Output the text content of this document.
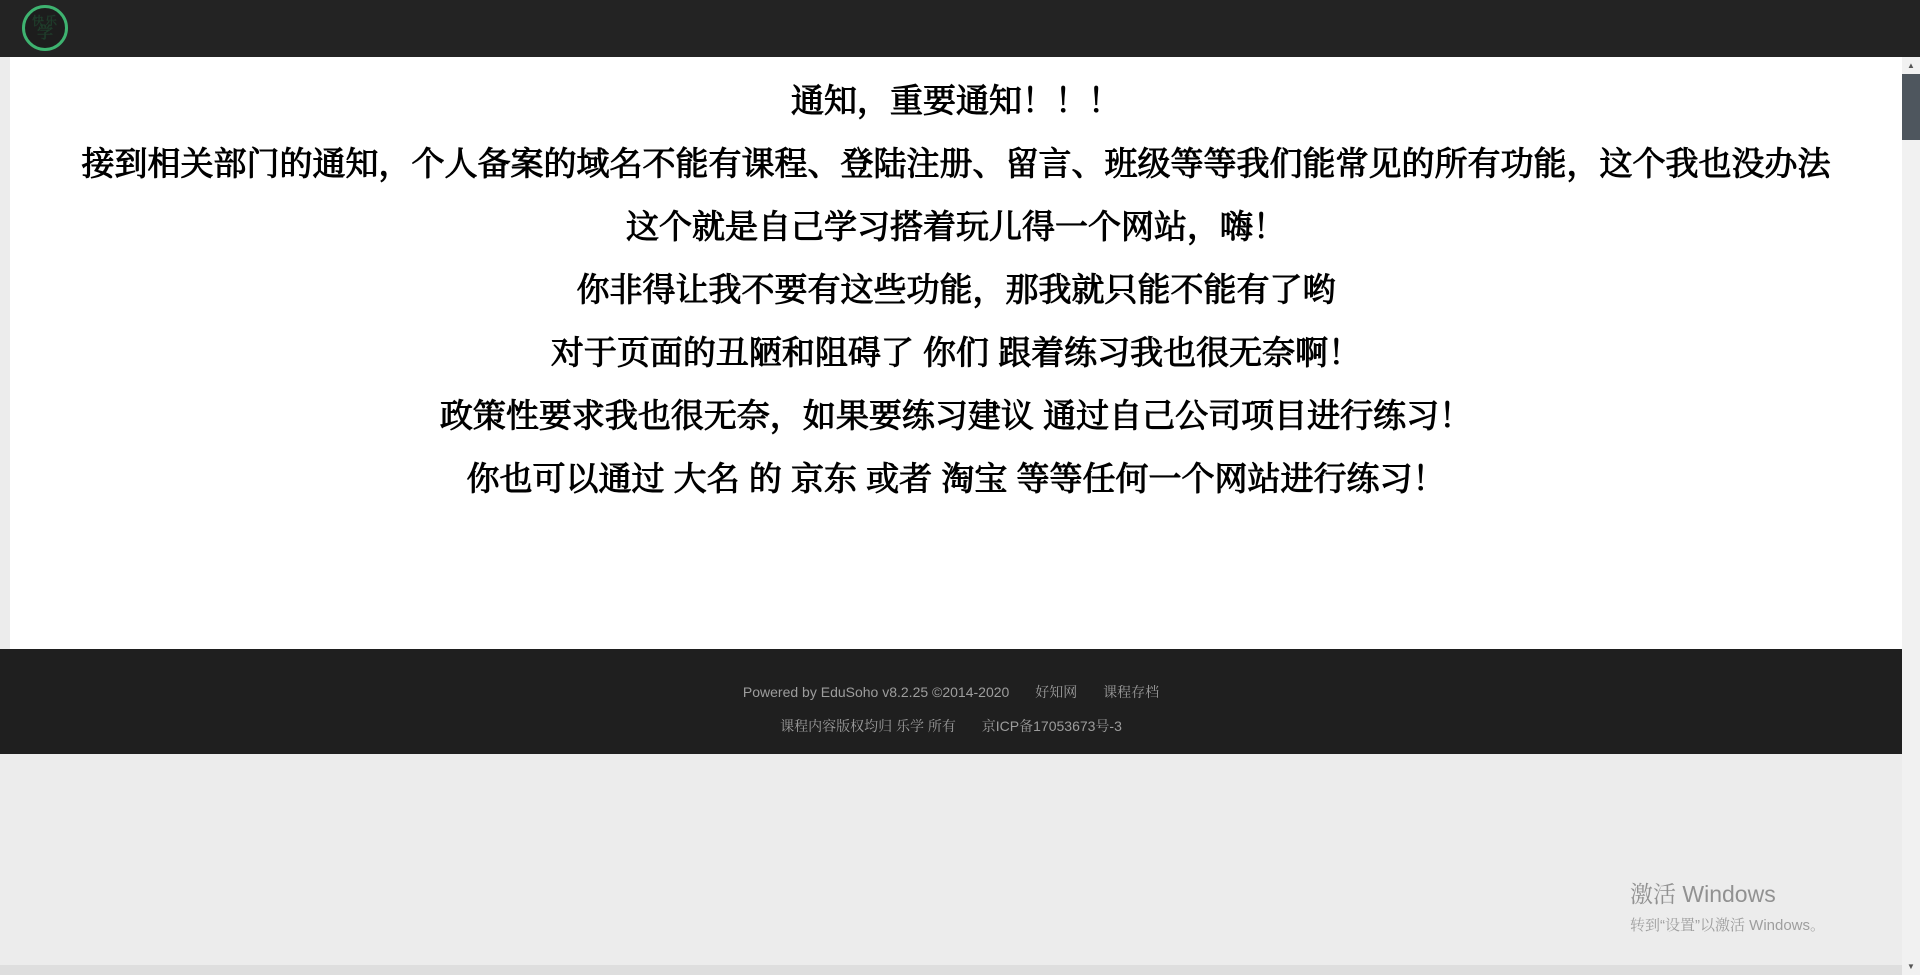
快乐
学

通知，重要通知！！！

接到相关部门的通知，个人备案的域名不能有课程、登陆注册、留言、班级等等我们能常见的所有功能，这个我也没办法

这个就是自己学习搭着玩儿得一个网站，嗨！

你非得让我不要有这些功能，那我就只能不能有了哟

对于页面的丑陋和阻碍了 你们 跟着练习我也很无奈啊！

政策性要求我也很无奈，如果要练习建议 通过自己公司项目进行练习！

你也可以通过 大名 的 京东 或者 淘宝 等等任何一个网站进行练习！

Powered by EduSoho v8.2.25 ©2014-2020 好知网 课程存档
课程内容版权均归 乐学 所有 京ICP备17053673号-3
激活 Windows
转到“设置”以激活 Windows。
▲
▼
